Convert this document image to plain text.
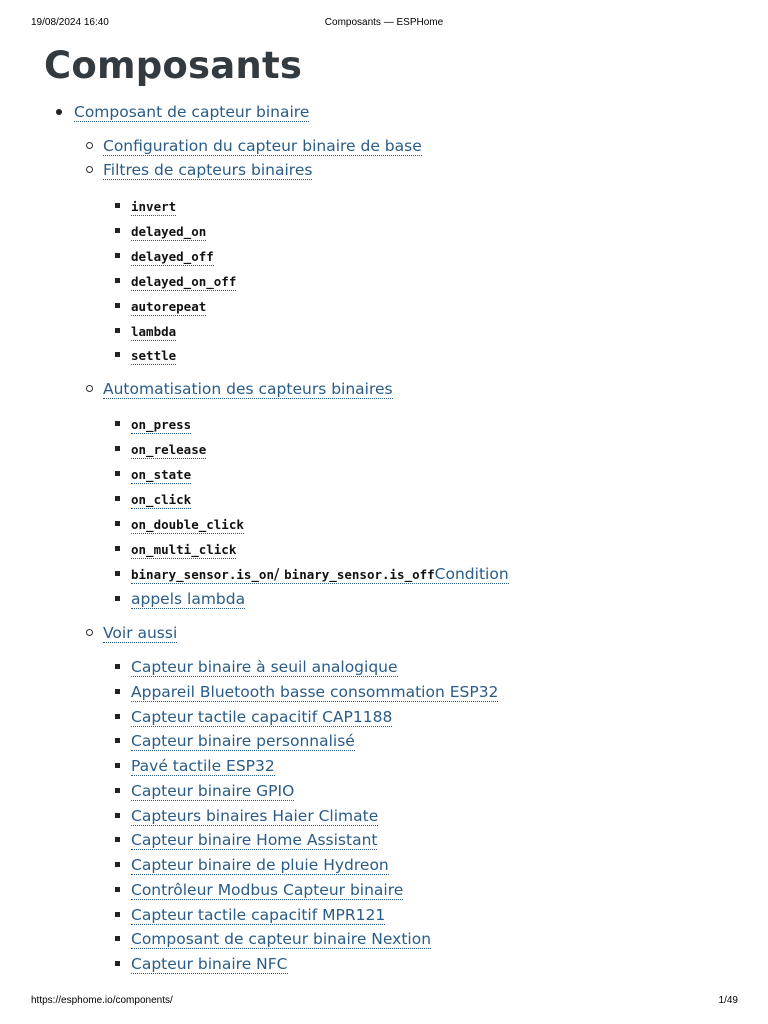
19/08/2024 16:40	Composants — ESPHome
Composants
Composant de capteur binaire
Configuration du capteur binaire de base
Filtres de capteurs binaires
invert
delayed_on
delayed_off
delayed_on_off
autorepeat
lambda
settle
Automatisation des capteurs binaires
on_press
on_release
on_state
on_click
on_double_click
on_multi_click
binary_sensor.is_on/ binary_sensor.is_offCondition
appels lambda
Voir aussi
Capteur binaire à seuil analogique
Appareil Bluetooth basse consommation ESP32
Capteur tactile capacitif CAP1188
Capteur binaire personnalisé
Pavé tactile ESP32
Capteur binaire GPIO
Capteurs binaires Haier Climate
Capteur binaire Home Assistant
Capteur binaire de pluie Hydreon
Contrôleur Modbus Capteur binaire
Capteur tactile capacitif MPR121
Composant de capteur binaire Nextion
Capteur binaire NFC
https://esphome.io/components/	1/49
